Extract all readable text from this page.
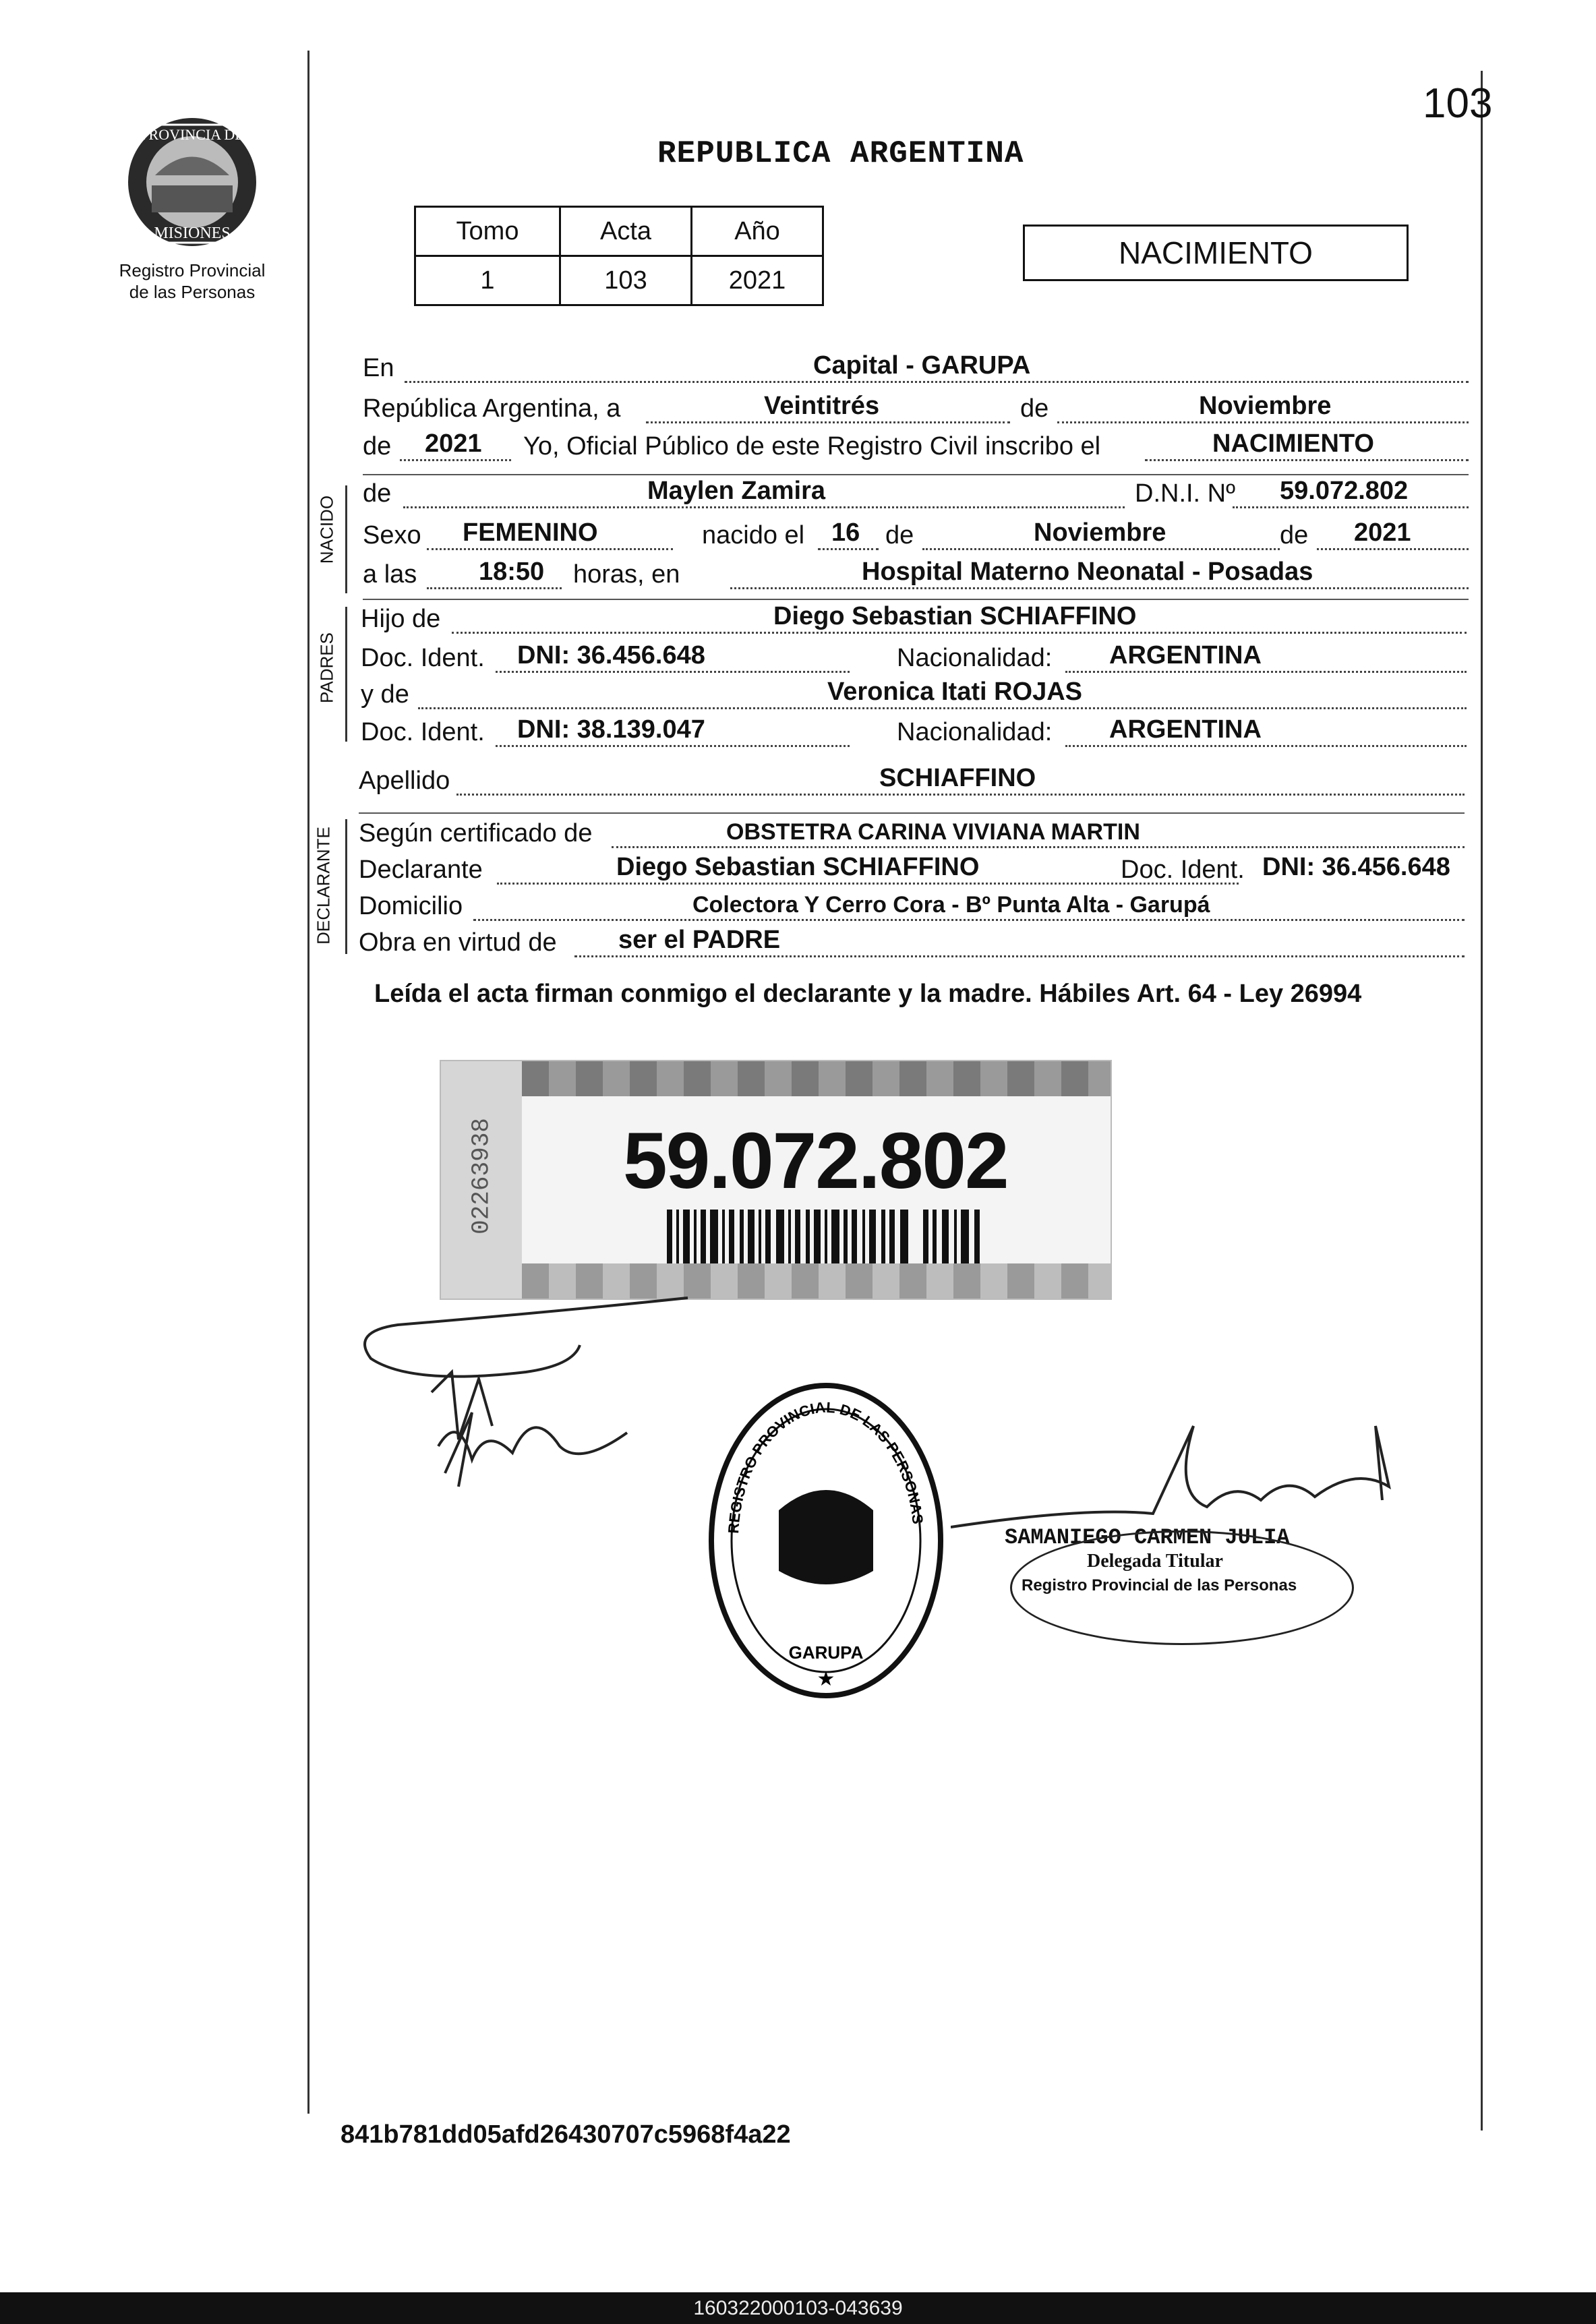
103
PROVINCIA DE
MISIONES
Registro Provincial
de las Personas
REPUBLICA ARGENTINA
Tomo	Acta	Año
1	103	2021
NACIMIENTO
En	Capital - GARUPA
República Argentina, a	Veintitrés	de	Noviembre
de 2021 Yo, Oficial Público de este Registro Civil inscribo el	NACIMIENTO
NACIDO
de	Maylen Zamira	D.N.I. Nº 59.072.802
Sexo FEMENINO	nacido el 16 de	Noviembre	de 2021
a las 18:50 horas, en	Hospital Materno Neonatal - Posadas
PADRES
Hijo de	Diego Sebastian SCHIAFFINO
Doc. Ident. DNI: 36.456.648	Nacionalidad: ARGENTINA
y de	Veronica Itati ROJAS
Doc. Ident. DNI: 38.139.047	Nacionalidad: ARGENTINA
Apellido	SCHIAFFINO
DECLARANTE Según certificado de	OBSTETRA CARINA VIVIANA MARTIN
Declarante	Diego Sebastian SCHIAFFINO	Doc. Ident. DNI: 36.456.648
Domicilio	Colectora Y Cerro Cora - Bº Punta Alta - Garupá
Obra en virtud de ser el PADRE
Leída el acta firman conmigo el declarante y la madre. Hábiles Art. 64 - Ley 26994
02263938 59.072.802
REGISTRO PROVINCIAL DE LAS PERSONAS
GARUPA
★
SAMANIEGO CARMEN JULIA
Delegada Titular
Registro Provincial de las Personas
841b781dd05afd26430707c5968f4a22
160322000103-043639
